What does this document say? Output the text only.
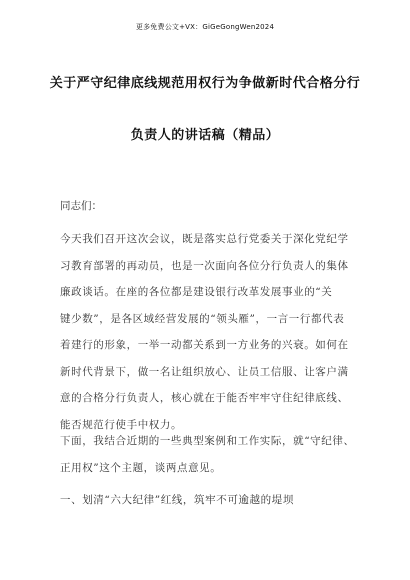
更多免费公文+VX：GiGeGongWen2024
关于严守纪律底线规范用权行为争做新时代合格分行
负责人的讲话稿（精品）
同志们：
今天我们召开这次会议，既是落实总行党委关于深化党纪学
习教育部署的再动员，也是一次面向各位分行负责人的集体
廉政谈话。在座的各位都是建设银行改革发展事业的“关
键少数”，是各区域经营发展的“领头雁”，一言一行都代表
着建行的形象，一举一动都关系到一方业务的兴衰。如何在
新时代背景下，做一名让组织放心、让员工信服、让客户满
意的合格分行负责人，核心就在于能否牢牢守住纪律底线、
能否规范行使手中权力。
下面，我结合近期的一些典型案例和工作实际，就“守纪律、
正用权”这个主题，谈两点意见。
一、划清“六大纪律”红线，筑牢不可逾越的堤坝
